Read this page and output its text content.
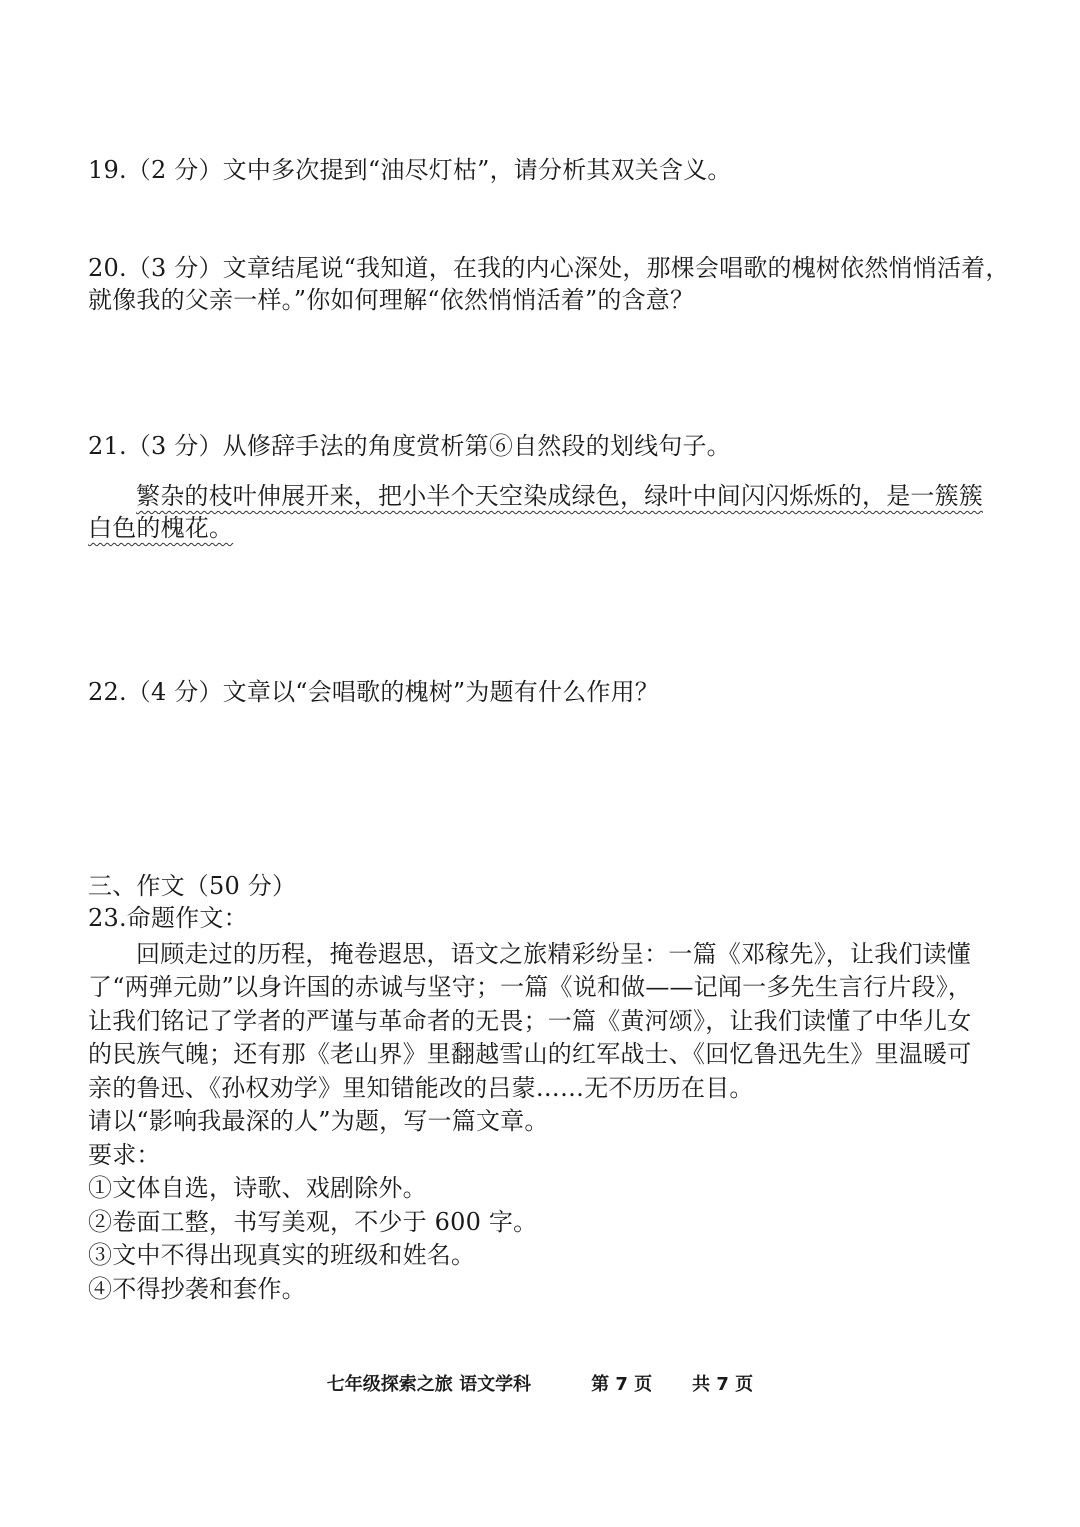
19.（2 分）文中多次提到“油尽灯枯”，请分析其双关含义。
20.（3 分）文章结尾说“我知道，在我的内心深处，那棵会唱歌的槐树依然悄悄活着，
就像我的父亲一样。”你如何理解“依然悄悄活着”的含意？
21.（3 分）从修辞手法的角度赏析第⑥自然段的划线句子。
繁杂的枝叶伸展开来，把小半个天空染成绿色，绿叶中间闪闪烁烁的，是一簇簇
白色的槐花。
22.（4 分）文章以“会唱歌的槐树”为题有什么作用？
三、作文（50 分）
23.命题作文：
回顾走过的历程，掩卷遐思，语文之旅精彩纷呈：一篇《邓稼先》，让我们读懂
了“两弹元勋”以身许国的赤诚与坚守；一篇《说和做——记闻一多先生言行片段》，
让我们铭记了学者的严谨与革命者的无畏；一篇《黄河颂》，让我们读懂了中华儿女
的民族气魄；还有那《老山界》里翻越雪山的红军战士、《回忆鲁迅先生》里温暖可
亲的鲁迅、《孙权劝学》里知错能改的吕蒙……无不历历在目。
请以“影响我最深的人”为题，写一篇文章。
要求：
①文体自选，诗歌、戏剧除外。
②卷面工整，书写美观，不少于 600 字。
③文中不得出现真实的班级和姓名。
④不得抄袭和套作。
七年级探索之旅 语文学科	第 7 页 共 7 页
